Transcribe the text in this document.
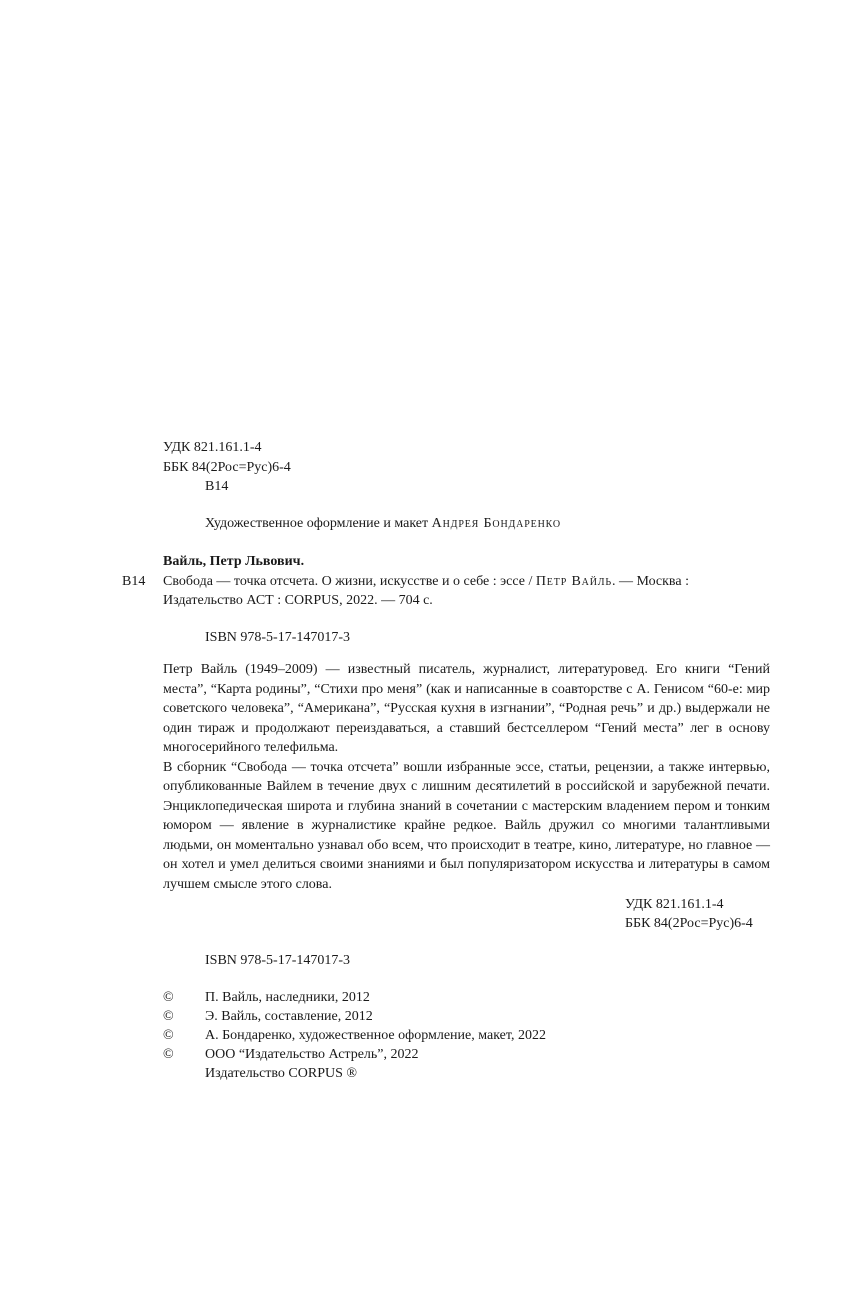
УДК 821.161.1-4
ББК 84(2Рос=Рус)6-4
В14
Художественное оформление и макет Андрея Бондаренко
Вайль, Петр Львович.
В14 Свобода — точка отсчета. О жизни, искусстве и о себе : эссе / Петр Вайль. — Москва :
Издательство АСТ : CORPUS, 2022. — 704 с.
ISBN 978-5-17-147017-3

Петр Вайль (1949–2009) — известный писатель, журналист, литературовед. Его книги “Гений места”, “Карта родины”, “Стихи про меня” (как и написанные в соавторстве с А. Генисом “60-е: мир советского человека”, “Американа”, “Русская кухня в изгнании”, “Родная речь” и др.) выдержали не один тираж и продолжают переиздаваться, а ставший бестселлером “Гений места” лег в основу многосерийного телефильма.

В сборник “Свобода — точка отсчета” вошли избранные эссе, статьи, рецензии, а также интервью, опубликованные Вайлем в течение двух с лишним десятилетий в российской и зарубежной печати. Энциклопедическая широта и глубина знаний в сочетании с мастерским владением пером и тонким юмором — явление в журналистике крайне редкое. Вайль дружил со многими талантливыми людьми, он моментально узнавал обо всем, что происходит в театре, кино, литературе, но главное — он хотел и умел делиться своими знаниями и был популяризатором искусства и литературы в самом лучшем смысле этого слова.

УДК 821.161.1-4
ББК 84(2Рос=Рус)6-4
ISBN 978-5-17-147017-3
© П. Вайль, наследники, 2012
© Э. Вайль, составление, 2012
© А. Бондаренко, художественное оформление, макет, 2022
© ООО “Издательство Астрель”, 2022
Издательство CORPUS ®
